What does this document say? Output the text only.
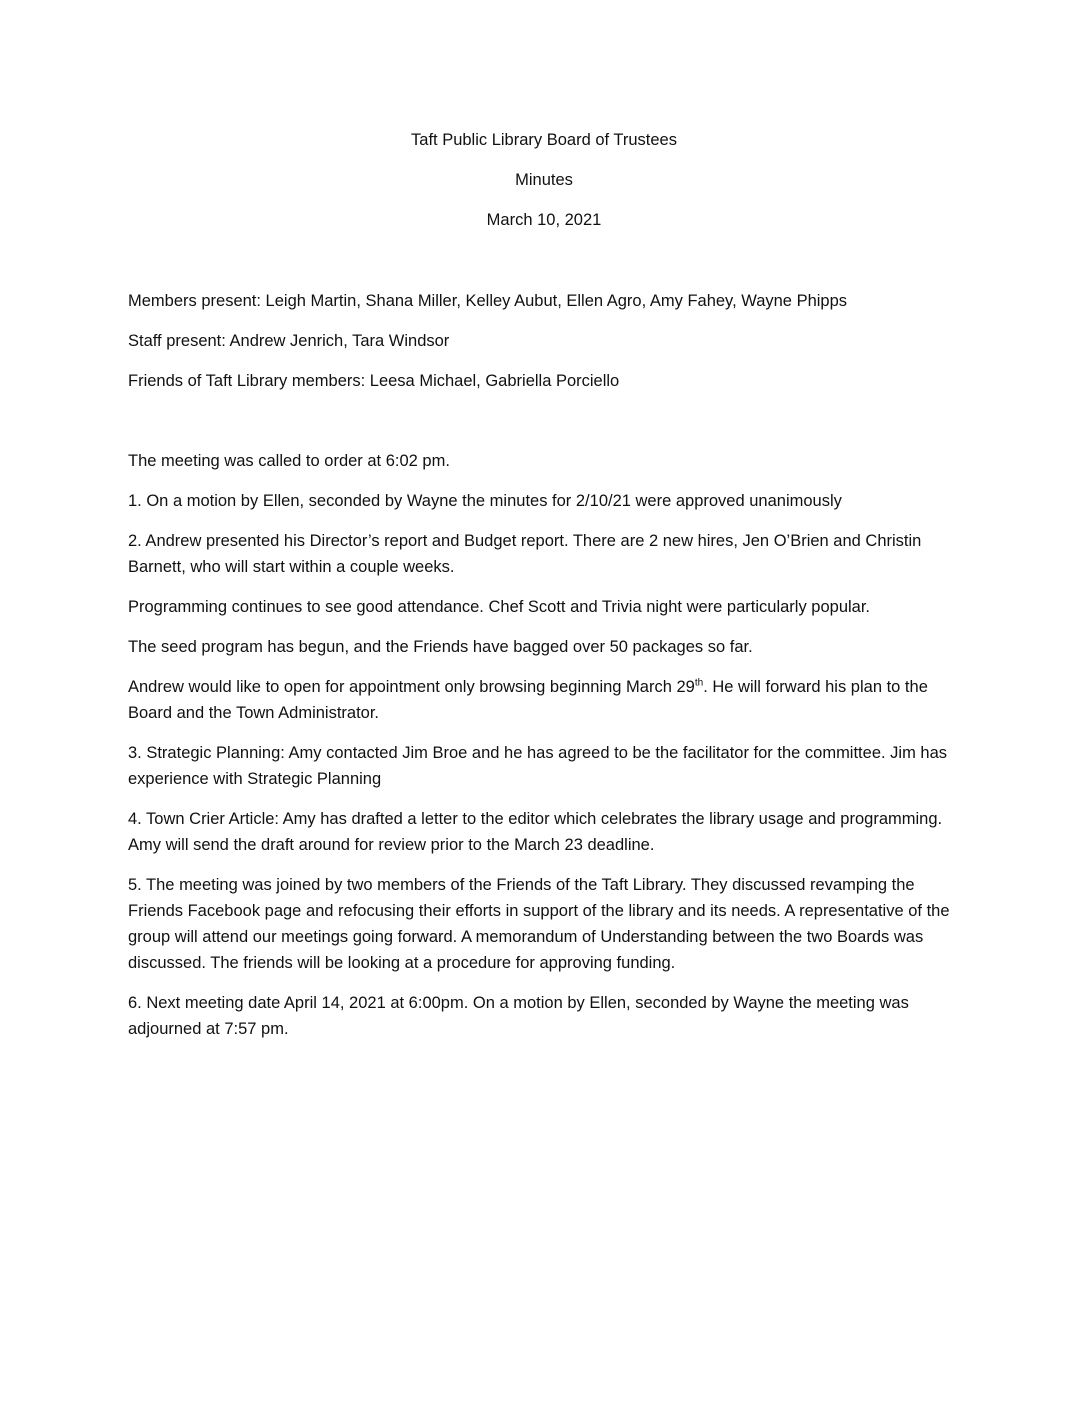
Taft Public Library Board of Trustees

Minutes

March 10, 2021

Members present: Leigh Martin, Shana Miller, Kelley Aubut, Ellen Agro, Amy Fahey, Wayne Phipps

Staff present: Andrew Jenrich, Tara Windsor

Friends of Taft Library members: Leesa Michael, Gabriella Porciello

The meeting was called to order at 6:02 pm.

1. On a motion by Ellen, seconded by Wayne the minutes for 2/10/21 were approved unanimously

2. Andrew presented his Director’s report and Budget report. There are 2 new hires, Jen O’Brien and Christin Barnett, who will start within a couple weeks.

Programming continues to see good attendance. Chef Scott and Trivia night were particularly popular.

The seed program has begun, and the Friends have bagged over 50 packages so far.

Andrew would like to open for appointment only browsing beginning March 29th. He will forward his plan to the Board and the Town Administrator.

3. Strategic Planning: Amy contacted Jim Broe and he has agreed to be the facilitator for the committee. Jim has experience with Strategic Planning

4. Town Crier Article: Amy has drafted a letter to the editor which celebrates the library usage and programming. Amy will send the draft around for review prior to the March 23 deadline.

5. The meeting was joined by two members of the Friends of the Taft Library. They discussed revamping the Friends Facebook page and refocusing their efforts in support of the library and its needs. A representative of the group will attend our meetings going forward. A memorandum of Understanding between the two Boards was discussed. The friends will be looking at a procedure for approving funding.

6. Next meeting date April 14, 2021 at 6:00pm. On a motion by Ellen, seconded by Wayne the meeting was adjourned at 7:57 pm.
